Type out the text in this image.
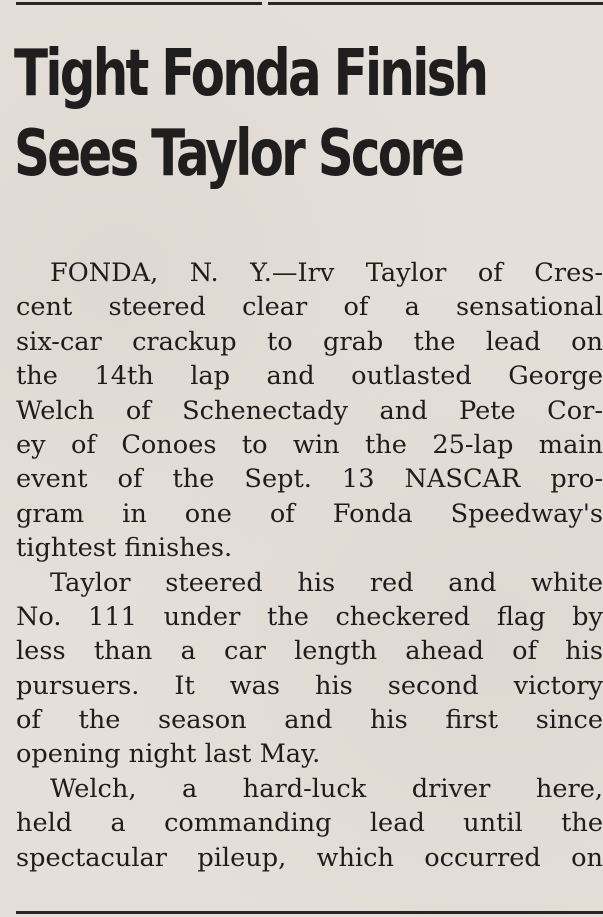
Tight Fonda Finish
Sees Taylor Score
FONDA, N. Y.—Irv Taylor of Cres-
cent steered clear of a sensational
six-car crackup to grab the lead on
the 14th lap and outlasted George
Welch of Schenectady and Pete Cor-
ey of Conoes to win the 25-lap main
event of the Sept. 13 NASCAR pro-
gram in one of Fonda Speedway's
tightest finishes.
Taylor steered his red and white
No. 111 under the checkered flag by
less than a car length ahead of his
pursuers. It was his second victory
of the season and his first since
opening night last May.
Welch, a hard-luck driver here,
held a commanding lead until the
spectacular pileup, which occurred on
